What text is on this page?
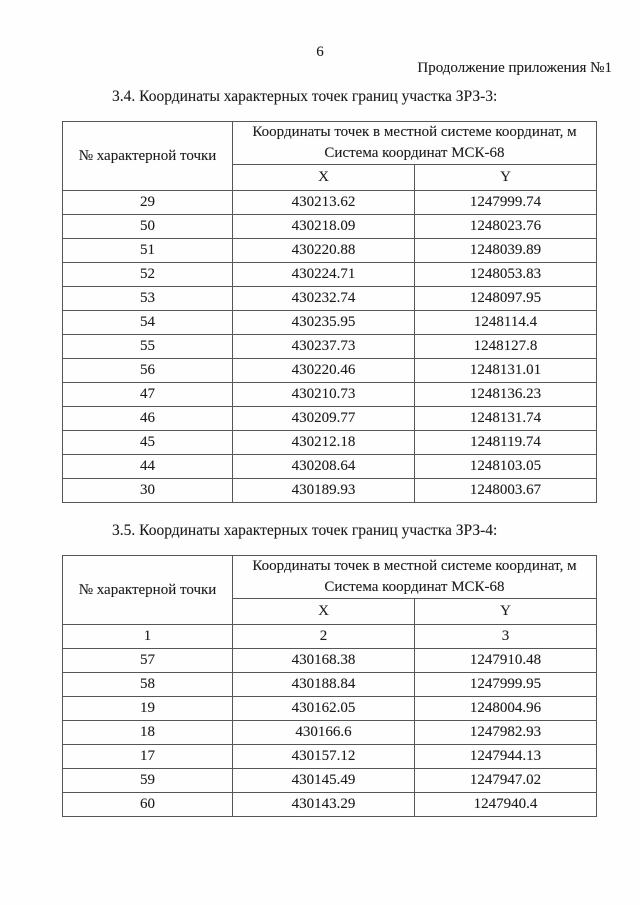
6
Продолжение приложения №1
3.4. Координаты характерных точек границ участка ЗРЗ-3:
№ характерной точки	Координаты точек в местной системе координат, м
Система координат МСК-68	

	X	Y
29	430213.62	1247999.74
50	430218.09	1248023.76
51	430220.88	1248039.89
52	430224.71	1248053.83
53	430232.74	1248097.95
54	430235.95	1248114.4
55	430237.73	1248127.8
56	430220.46	1248131.01
47	430210.73	1248136.23
46	430209.77	1248131.74
45	430212.18	1248119.74
44	430208.64	1248103.05
30	430189.93	1248003.67
3.5. Координаты характерных точек границ участка ЗРЗ-4:
№ характерной точки	Координаты точек в местной системе координат, м
Система координат МСК-68	

	X	Y
1	2	3
57	430168.38	1247910.48
58	430188.84	1247999.95
19	430162.05	1248004.96
18	430166.6	1247982.93
17	430157.12	1247944.13
59	430145.49	1247947.02
60	430143.29	1247940.4
